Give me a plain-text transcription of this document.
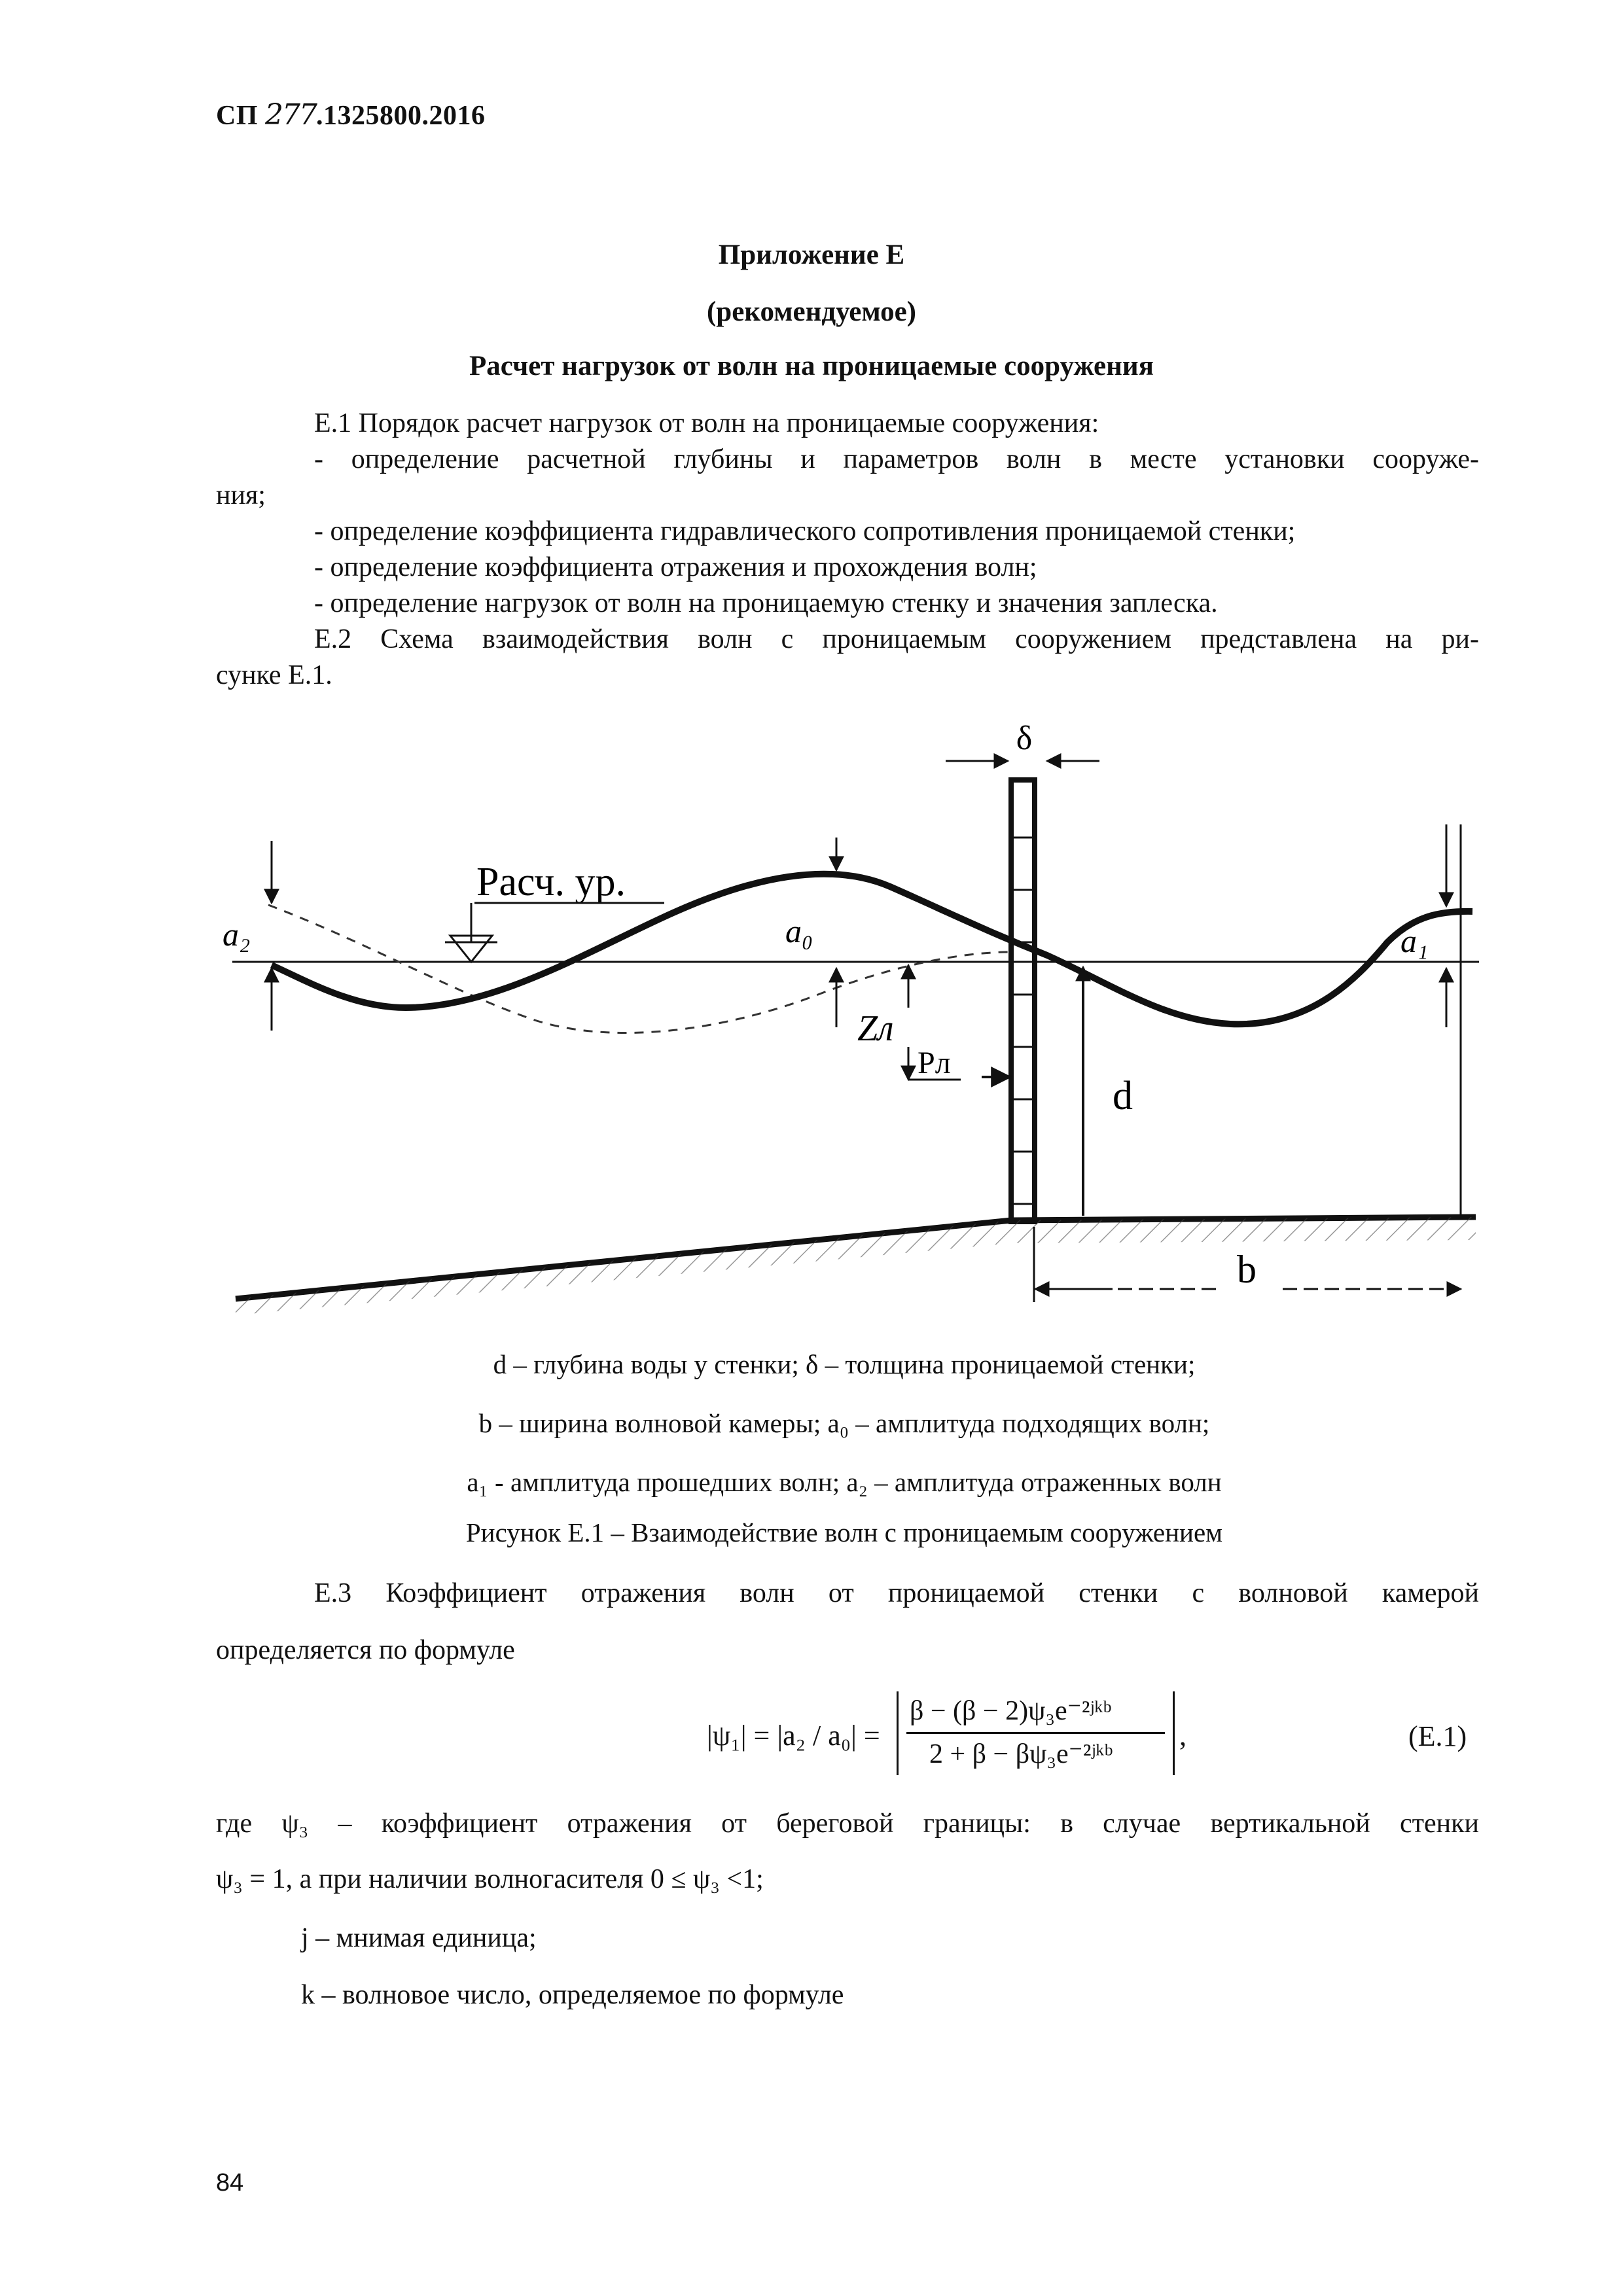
СП 277.1325800.2016
Приложение Е
(рекомендуемое)
Расчет нагрузок от волн на проницаемые сооружения
Е.1 Порядок расчет нагрузок от волн на проницаемые сооружения:
- определение расчетной глубины и параметров волн в месте установки сооруже-
ния;
- определение коэффициента гидравлического сопротивления проницаемой стенки;
- определение коэффициента отражения и прохождения волн;
- определение нагрузок от волн на проницаемую стенку и значения заплеска.
Е.2 Схема взаимодействия волн с проницаемым сооружением представлена на ри-
сунке Е.1.
δ
a₂
Расч. ур.
a₀
Zл
Pл
d
a₁
b
d – глубина воды у стенки; δ – толщина проницаемой стенки;
b – ширина волновой камеры; a₀ – амплитуда подходящих волн;
a₁ - амплитуда прошедших волн; a₂ – амплитуда отраженных волн
Рисунок Е.1 – Взаимодействие волн с проницаемым сооружением
Е.3 Коэффициент отражения волн от проницаемой стенки с волновой камерой
определяется по формуле
|ψ₁| = |a₂ / a₀| =
β − (β − 2)ψ₃e⁻²ʲᵏᵇ
2 + β − βψ₃e⁻²ʲᵏᵇ
,	(Е.1)
где ψ₃ – коэффициент отражения от береговой границы: в случае вертикальной стенки
ψ₃ = 1, а при наличии волногасителя 0 ≤ ψ₃ <1;
j – мнимая единица;
k – волновое число, определяемое по формуле
84
